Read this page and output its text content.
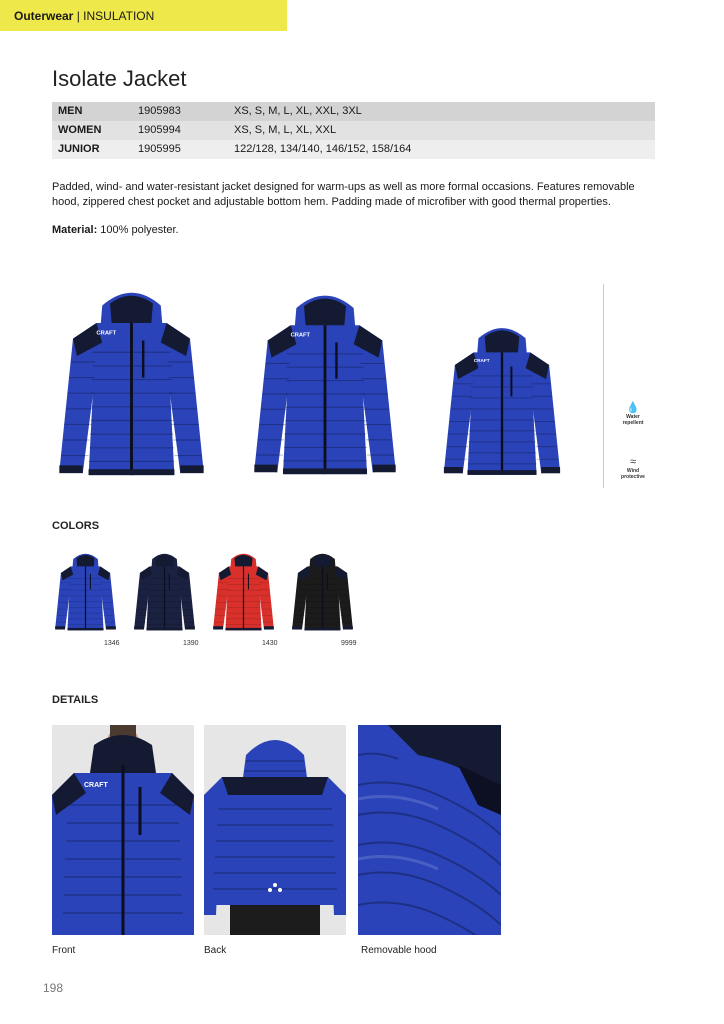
Outerwear | INSULATION
Isolate Jacket
MEN	1905983	XS, S, M, L, XL, XXL, 3XL
WOMEN	1905994	XS, S, M, L, XL, XXL
JUNIOR	1905995	122/128, 134/140, 146/152, 158/164

Padded, wind- and water-resistant jacket designed for warm-ups as well as more formal occasions. Features removable hood, zippered chest pocket and adjustable bottom hem. Padding made of microfiber with good thermal properties.

Material: 100% polyester.
CRAFT	CRAFT
CRAFT
💧
Water
repellent
≈
Wind
protective
COLORS
1346	1390	1430	9999
DETAILS
CRAFT
Front	Back	Removable hood
198
